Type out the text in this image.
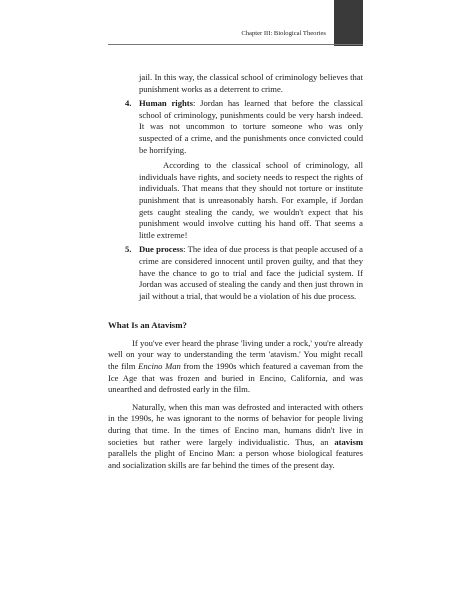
Chapter III: Biological Theories

jail. In this way, the classical school of criminology believes that punishment works as a deterrent to crime.

4. Human rights: Jordan has learned that before the classical school of criminology, punishments could be very harsh indeed. It was not uncommon to torture someone who was only suspected of a crime, and the punishments once convicted could be horrifying.

According to the classical school of criminology, all individuals have rights, and society needs to respect the rights of individuals. That means that they should not torture or institute punishment that is unreasonably harsh. For example, if Jordan gets caught stealing the candy, we wouldn't expect that his punishment would involve cutting his hand off. That seems a little extreme!

5. Due process: The idea of due process is that people accused of a crime are considered innocent until proven guilty, and that they have the chance to go to trial and face the judicial system. If Jordan was accused of stealing the candy and then just thrown in jail without a trial, that would be a violation of his due process.

What Is an Atavism?

If you've ever heard the phrase 'living under a rock,' you're already well on your way to understanding the term 'atavism.' You might recall the film Encino Man from the 1990s which featured a caveman from the Ice Age that was frozen and buried in Encino, California, and was unearthed and defrosted early in the film.

Naturally, when this man was defrosted and interacted with others in the 1990s, he was ignorant to the norms of behavior for people living during that time. In the times of Encino man, humans didn't live in societies but rather were largely individualistic. Thus, an atavism parallels the plight of Encino Man: a person whose biological features and socialization skills are far behind the times of the present day.
